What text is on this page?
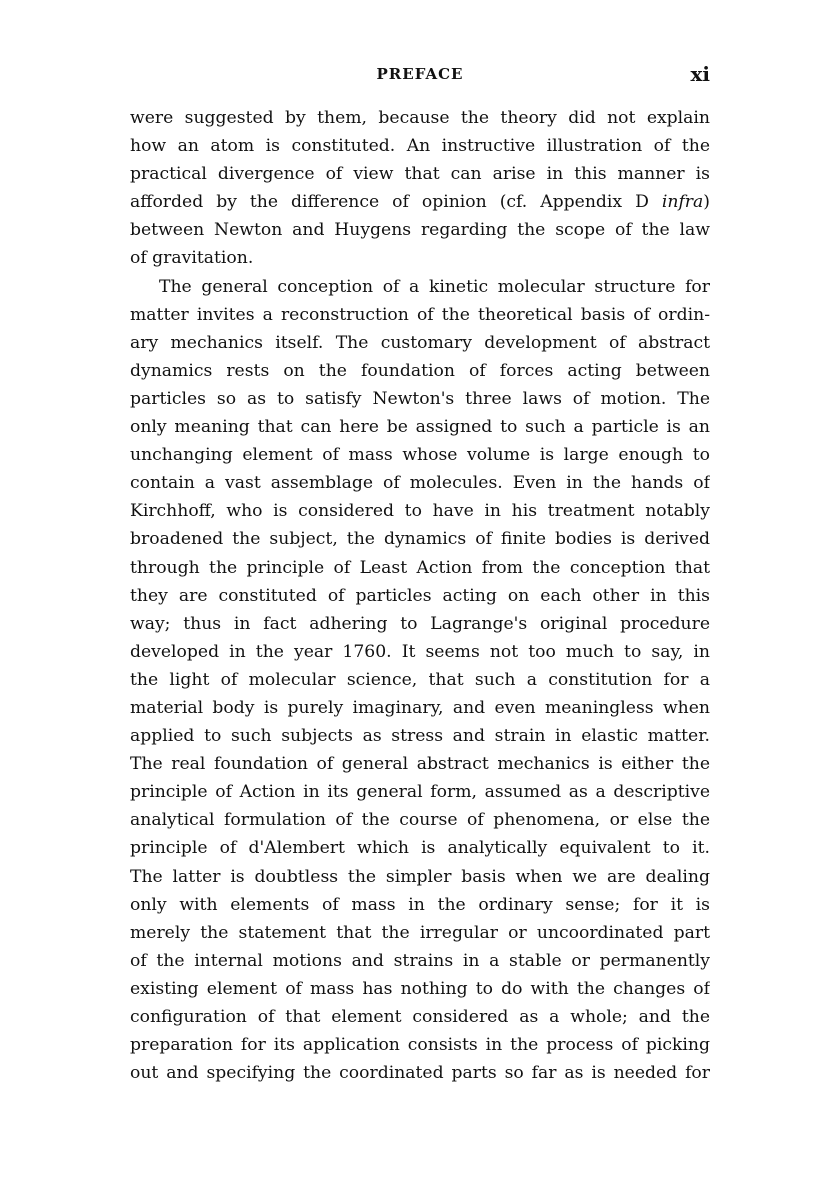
PREFACE	xi
were suggested by them, because the theory did not explain
how an atom is constituted. An instructive illustration of the
practical divergence of view that can arise in this manner is
afforded by the difference of opinion (cf. Appendix D infra)
between Newton and Huygens regarding the scope of the law
of gravitation.
The general conception of a kinetic molecular structure for
matter invites a reconstruction of the theoretical basis of ordin-
ary mechanics itself. The customary development of abstract
dynamics rests on the foundation of forces acting between
particles so as to satisfy Newton's three laws of motion. The
only meaning that can here be assigned to such a particle is an
unchanging element of mass whose volume is large enough to
contain a vast assemblage of molecules. Even in the hands of
Kirchhoff, who is considered to have in his treatment notably
broadened the subject, the dynamics of finite bodies is derived
through the principle of Least Action from the conception that
they are constituted of particles acting on each other in this
way; thus in fact adhering to Lagrange's original procedure
developed in the year 1760. It seems not too much to say, in
the light of molecular science, that such a constitution for a
material body is purely imaginary, and even meaningless when
applied to such subjects as stress and strain in elastic matter.
The real foundation of general abstract mechanics is either the
principle of Action in its general form, assumed as a descriptive
analytical formulation of the course of phenomena, or else the
principle of d'Alembert which is analytically equivalent to it.
The latter is doubtless the simpler basis when we are dealing
only with elements of mass in the ordinary sense; for it is
merely the statement that the irregular or uncoordinated part
of the internal motions and strains in a stable or permanently
existing element of mass has nothing to do with the changes of
configuration of that element considered as a whole; and the
preparation for its application consists in the process of picking
out and specifying the coordinated parts so far as is needed for
